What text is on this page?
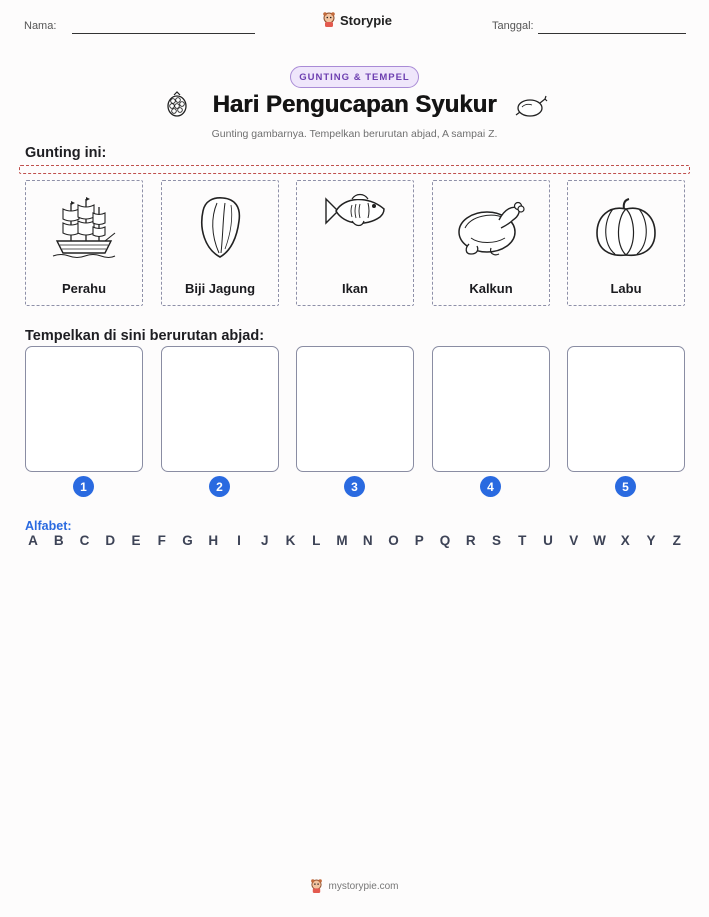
Nama:	Storypie	Tanggal:
GUNTING & TEMPEL
Hari Pengucapan Syukur
Gunting gambarnya. Tempelkan berurutan abjad, A sampai Z.
Gunting ini:
Perahu	Biji Jagung	Ikan	Kalkun	Labu
Tempelkan di sini berurutan abjad:
1	2	3	4	5
Alfabet:
A B C D E F G H	I	J	K L M N O P Q R S T U V W X Y Z
mystorypie.com
